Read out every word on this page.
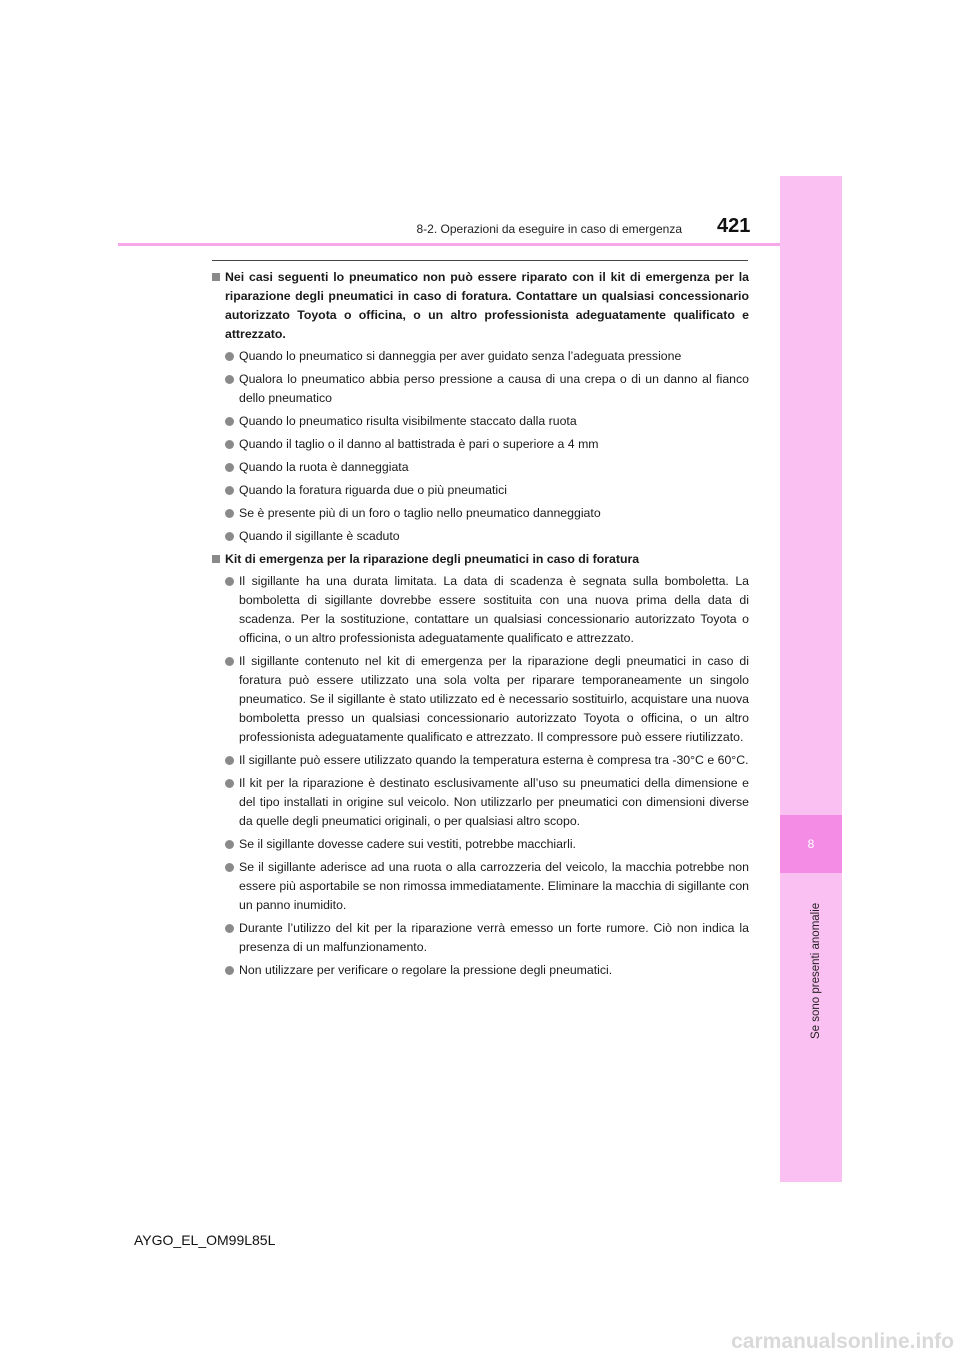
8
Se sono presenti anomalie
8-2. Operazioni da eseguire in caso di emergenza 421
Nei casi seguenti lo pneumatico non può essere riparato con il kit di emergenza per la riparazione degli pneumatici in caso di foratura. Contattare un qualsiasi concessionario autorizzato Toyota o officina, o un altro professionista adeguatamente qualificato e attrezzato.
Quando lo pneumatico si danneggia per aver guidato senza l’adeguata pressione
Qualora lo pneumatico abbia perso pressione a causa di una crepa o di un danno al fianco dello pneumatico
Quando lo pneumatico risulta visibilmente staccato dalla ruota
Quando il taglio o il danno al battistrada è pari o superiore a 4 mm
Quando la ruota è danneggiata
Quando la foratura riguarda due o più pneumatici
Se è presente più di un foro o taglio nello pneumatico danneggiato
Quando il sigillante è scaduto
Kit di emergenza per la riparazione degli pneumatici in caso di foratura
Il sigillante ha una durata limitata. La data di scadenza è segnata sulla bomboletta. La bomboletta di sigillante dovrebbe essere sostituita con una nuova prima della data di scadenza. Per la sostituzione, contattare un qualsiasi concessionario autorizzato Toyota o officina, o un altro professionista adeguatamente qualificato e attrezzato.
Il sigillante contenuto nel kit di emergenza per la riparazione degli pneumatici in caso di foratura può essere utilizzato una sola volta per riparare temporaneamente un singolo pneumatico. Se il sigillante è stato utilizzato ed è necessario sostituirlo, acquistare una nuova bomboletta presso un qualsiasi concessionario autorizzato Toyota o officina, o un altro professionista adeguatamente qualificato e attrezzato. Il compressore può essere riutilizzato.
Il sigillante può essere utilizzato quando la temperatura esterna è compresa tra -30°C e 60°C.
Il kit per la riparazione è destinato esclusivamente all’uso su pneumatici della dimensione e del tipo installati in origine sul veicolo. Non utilizzarlo per pneumatici con dimensioni diverse da quelle degli pneumatici originali, o per qualsiasi altro scopo.
Se il sigillante dovesse cadere sui vestiti, potrebbe macchiarli.
Se il sigillante aderisce ad una ruota o alla carrozzeria del veicolo, la macchia potrebbe non essere più asportabile se non rimossa immediatamente. Eliminare la macchia di sigillante con un panno inumidito.
Durante l’utilizzo del kit per la riparazione verrà emesso un forte rumore. Ciò non indica la presenza di un malfunzionamento.
Non utilizzare per verificare o regolare la pressione degli pneumatici.
AYGO_EL_OM99L85L
carmanualsonline.info
